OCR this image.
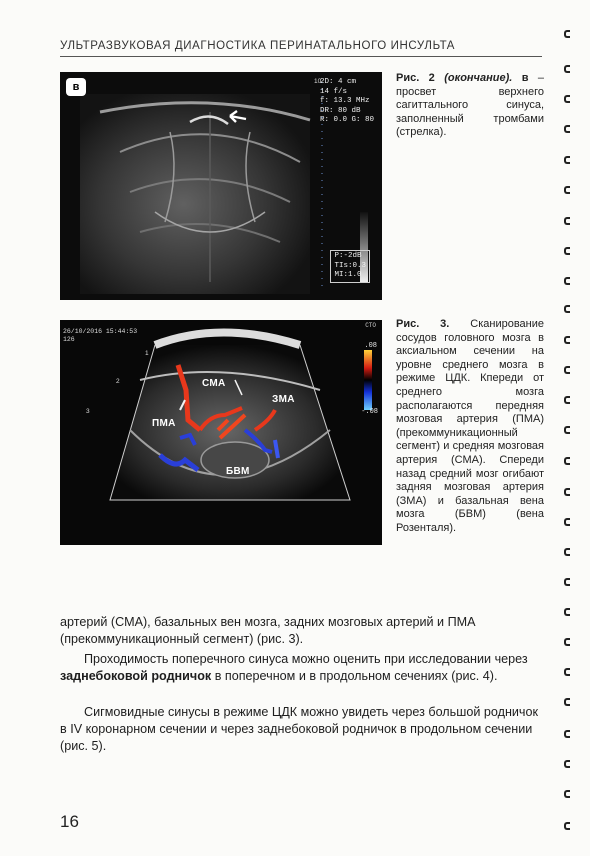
УЛЬТРАЗВУКОВАЯ ДИАГНОСТИКА ПЕРИНАТАЛЬНОГО ИНСУЛЬТА
в	10
2D: 4 cm
14 f/s
f: 13.3 MHz
DR: 80 dB
R: 0.0 G: 80
P:-2dB
TIs:0.3
MI:1.0
Рис. 2 (окончание). в – просвет верхнего сагиттального синуса, заполненный тромбами (стрелка).
26/10/2016 15:44:53
126
CTO
.08
-.08
1
2
3
СМА
ПМА
ЗМА
БВМ
Рис. 3. Сканирование сосудов головного мозга в аксиальном сечении на уровне среднего мозга в режиме ЦДК. Кпереди от среднего мозга располагаются передняя мозговая артерия (ПМА) (прекоммуникационный сегмент) и средняя мозговая артерия (СМА). Спереди назад средний мозг огибают задняя мозговая артерия (ЗМА) и базальная вена мозга (БВМ) (вена Розенталя).
артерий (СМА), базальных вен мозга, задних мозговых артерий и ПМА (прекоммуникационный сегмент) (рис. 3).
Проходимость поперечного синуса можно оценить при исследовании через заднебоковой родничок в поперечном и в продольном сечениях (рис. 4).
Сигмовидные синусы в режиме ЦДК можно увидеть через большой родничок в IV коронарном сечении и через заднебоковой родничок в продольном сечении (рис. 5).
16
